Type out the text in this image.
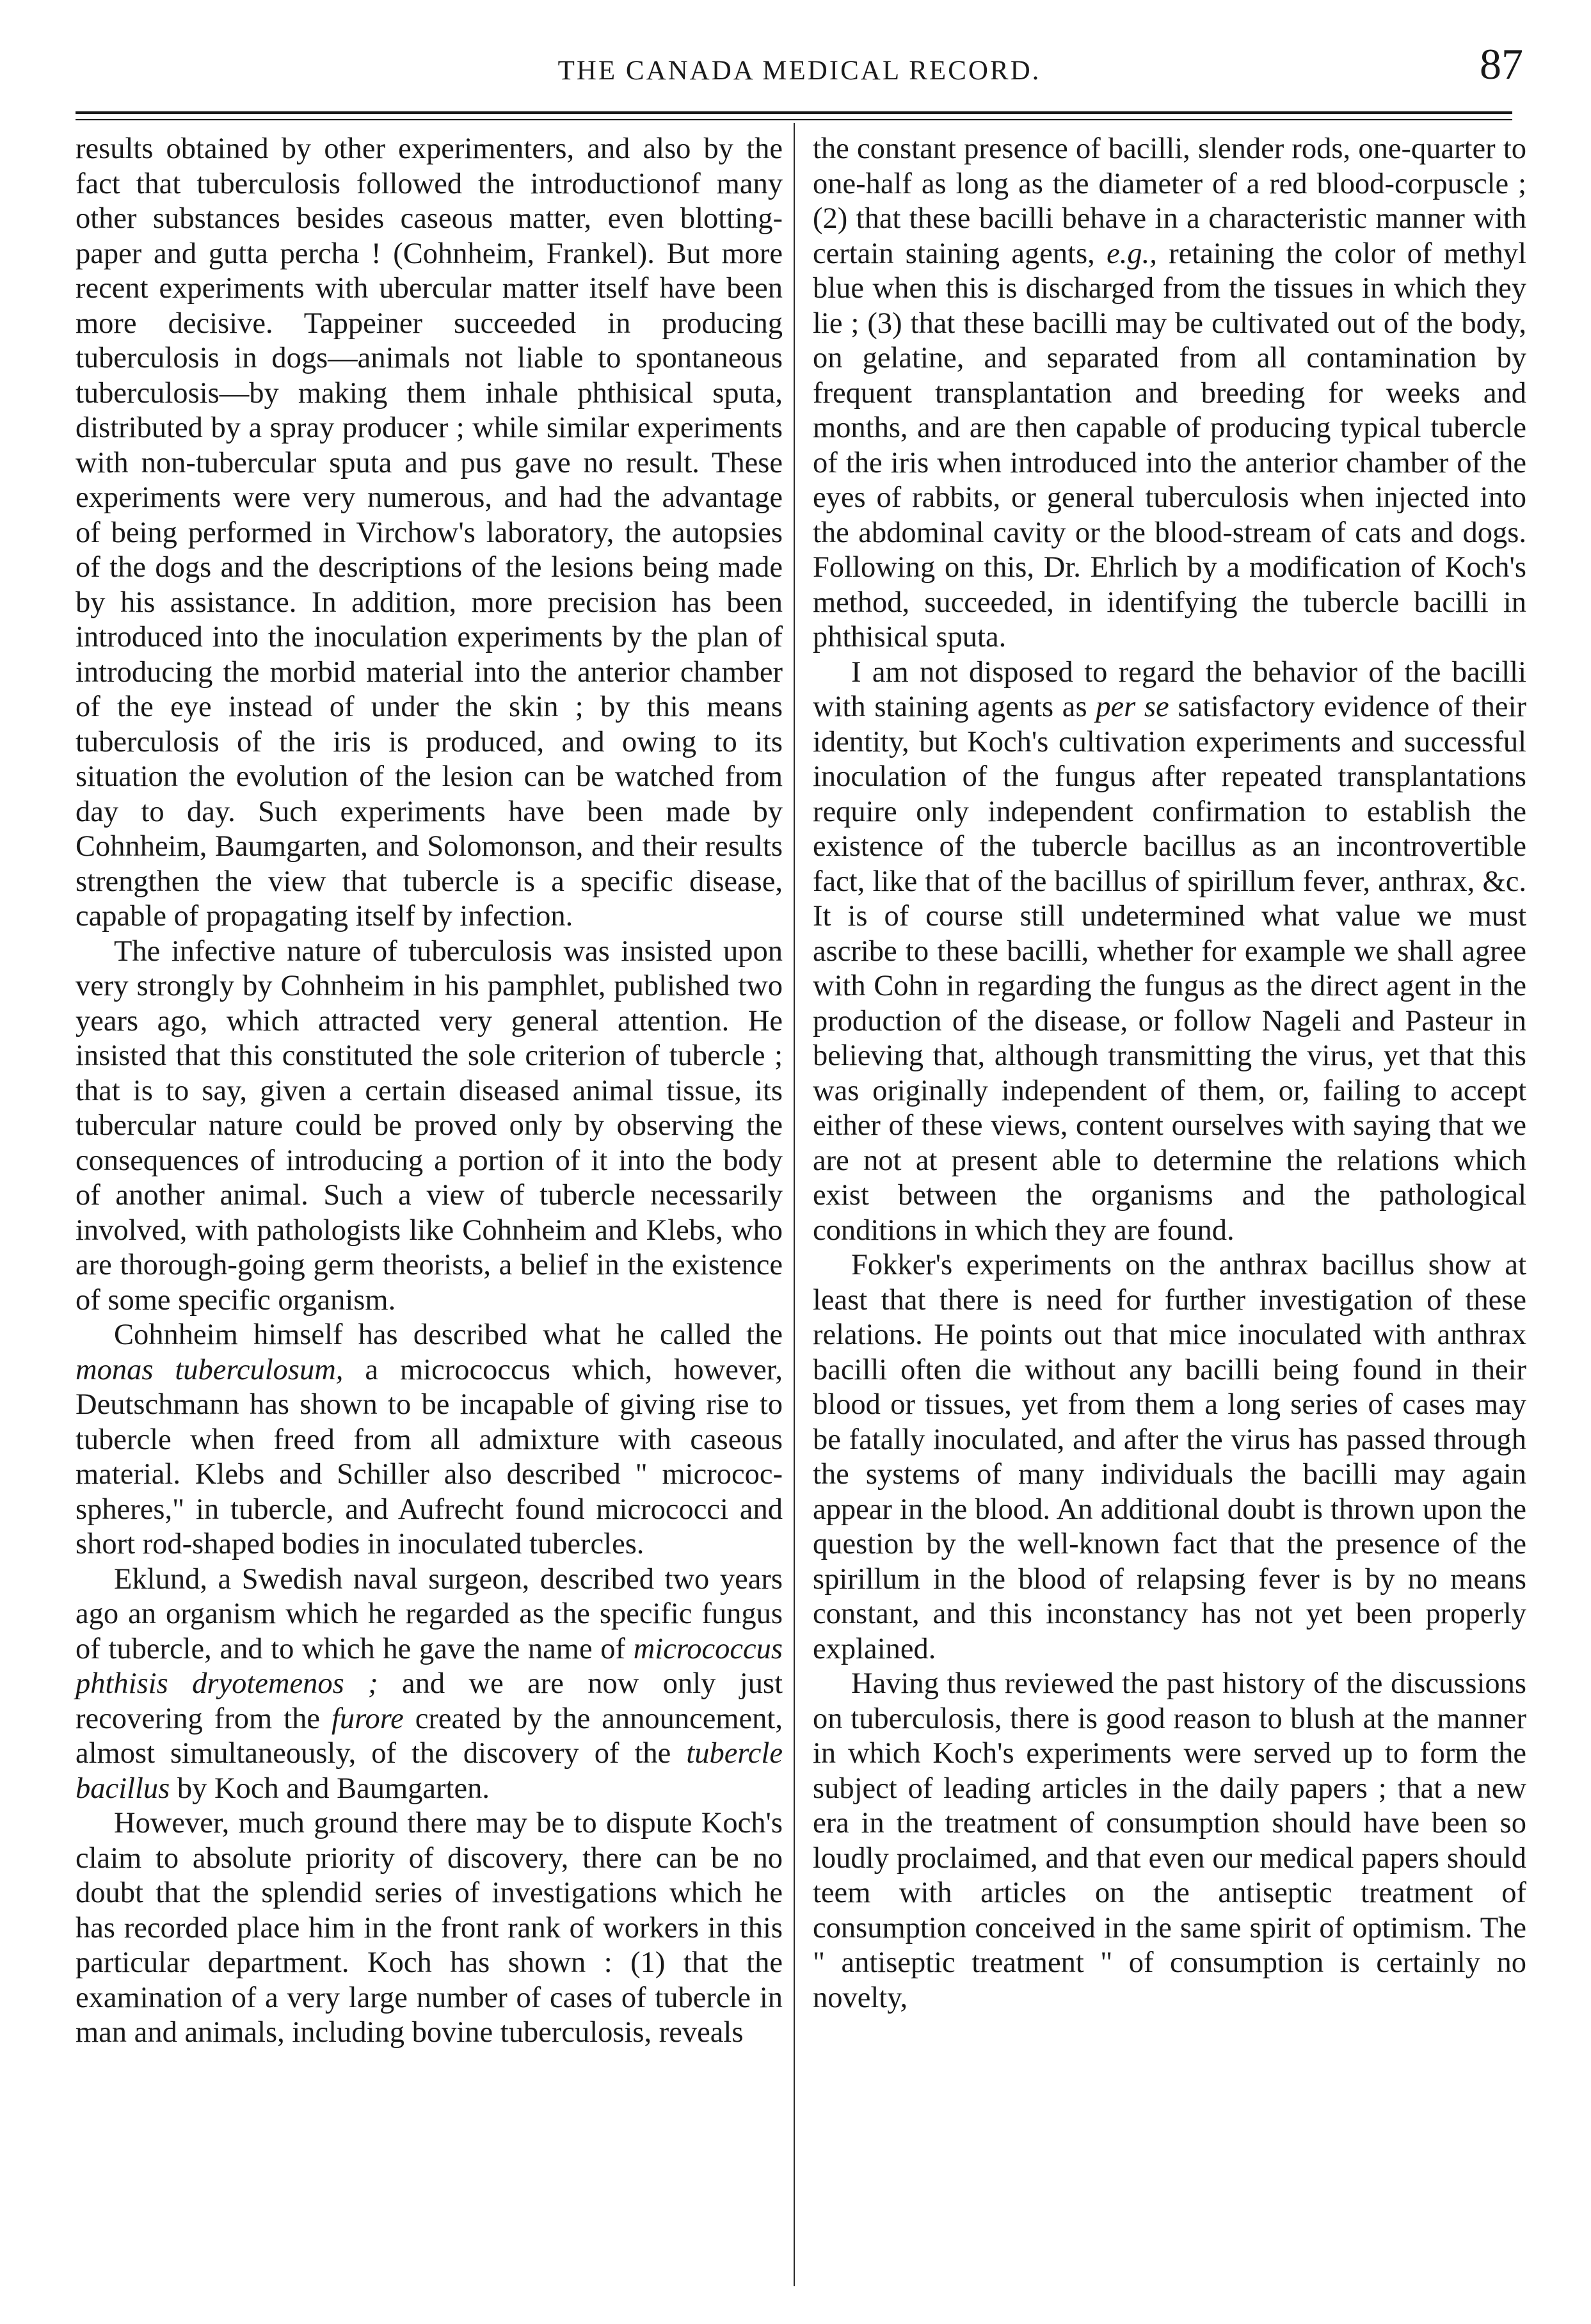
THE CANADA MEDICAL RECORD.	87

results obtained by other experimenters, and also by the fact that tuberculosis followed the introductionof many other substances besides caseous matter, even blotting-paper and gutta percha ! (Cohnheim, Frankel). But more recent experiments with ubercular matter itself have been more decisive. Tappeiner succeeded in producing tuberculosis in dogs—animals not liable to spontaneous tuberculosis—by making them inhale phthisical sputa, distributed by a spray producer ; while similar experiments with non-tubercular sputa and pus gave no result. These experiments were very numerous, and had the advantage of being performed in Virchow's laboratory, the autopsies of the dogs and the descriptions of the lesions being made by his assistance. In addition, more precision has been introduced into the inoculation experiments by the plan of introducing the morbid material into the anterior chamber of the eye instead of under the skin ; by this means tuberculosis of the iris is produced, and owing to its situation the evolution of the lesion can be watched from day to day. Such experiments have been made by Cohnheim, Baumgarten, and Solomonson, and their results strengthen the view that tubercle is a specific disease, capable of propagating itself by infection.

The infective nature of tuberculosis was insisted upon very strongly by Cohnheim in his pamphlet, published two years ago, which attracted very general attention. He insisted that this constituted the sole criterion of tubercle ; that is to say, given a certain diseased animal tissue, its tubercular nature could be proved only by observing the consequences of introducing a portion of it into the body of another animal. Such a view of tubercle necessarily involved, with pathologists like Cohnheim and Klebs, who are thorough-going germ theorists, a belief in the existence of some specific organism.

Cohnheim himself has described what he called the monas tuberculosum, a micrococcus which, however, Deutschmann has shown to be incapable of giving rise to tubercle when freed from all admixture with caseous material. Klebs and Schiller also described " micrococ-spheres," in tubercle, and Aufrecht found micrococci and short rod-shaped bodies in inoculated tubercles.

Eklund, a Swedish naval surgeon, described two years ago an organism which he regarded as the specific fungus of tubercle, and to which he gave the name of micrococcus phthisis dryotemenos ; and we are now only just recovering from the furore created by the announcement, almost simultaneously, of the discovery of the tubercle bacillus by Koch and Baumgarten.

However, much ground there may be to dispute Koch's claim to absolute priority of discovery, there can be no doubt that the splendid series of investigations which he has recorded place him in the front rank of workers in this particular department. Koch has shown : (1) that the examination of a very large number of cases of tubercle in man and animals, including bovine tuberculosis, reveals

the constant presence of bacilli, slender rods, one-quarter to one-half as long as the diameter of a red blood-corpuscle ; (2) that these bacilli behave in a characteristic manner with certain staining agents, e.g., retaining the color of methyl blue when this is discharged from the tissues in which they lie ; (3) that these bacilli may be cultivated out of the body, on gelatine, and separated from all contamination by frequent transplantation and breeding for weeks and months, and are then capable of producing typical tubercle of the iris when introduced into the anterior chamber of the eyes of rabbits, or general tuberculosis when injected into the abdominal cavity or the blood-stream of cats and dogs. Following on this, Dr. Ehrlich by a modification of Koch's method, succeeded, in identifying the tubercle bacilli in phthisical sputa.

I am not disposed to regard the behavior of the bacilli with staining agents as per se satisfactory evidence of their identity, but Koch's cultivation experiments and successful inoculation of the fungus after repeated transplantations require only independent confirmation to establish the existence of the tubercle bacillus as an incontrovertible fact, like that of the bacillus of spirillum fever, anthrax, &c. It is of course still undetermined what value we must ascribe to these bacilli, whether for example we shall agree with Cohn in regarding the fungus as the direct agent in the production of the disease, or follow Nageli and Pasteur in believing that, although transmitting the virus, yet that this was originally independent of them, or, failing to accept either of these views, content ourselves with saying that we are not at present able to determine the relations which exist between the organisms and the pathological conditions in which they are found.

Fokker's experiments on the anthrax bacillus show at least that there is need for further investigation of these relations. He points out that mice inoculated with anthrax bacilli often die without any bacilli being found in their blood or tissues, yet from them a long series of cases may be fatally inoculated, and after the virus has passed through the systems of many individuals the bacilli may again appear in the blood. An additional doubt is thrown upon the question by the well-known fact that the presence of the spirillum in the blood of relapsing fever is by no means constant, and this inconstancy has not yet been properly explained.

Having thus reviewed the past history of the discussions on tuberculosis, there is good reason to blush at the manner in which Koch's experiments were served up to form the subject of leading articles in the daily papers ; that a new era in the treatment of consumption should have been so loudly proclaimed, and that even our medical papers should teem with articles on the antiseptic treatment of consumption conceived in the same spirit of optimism. The " antiseptic treatment " of consumption is certainly no novelty,
